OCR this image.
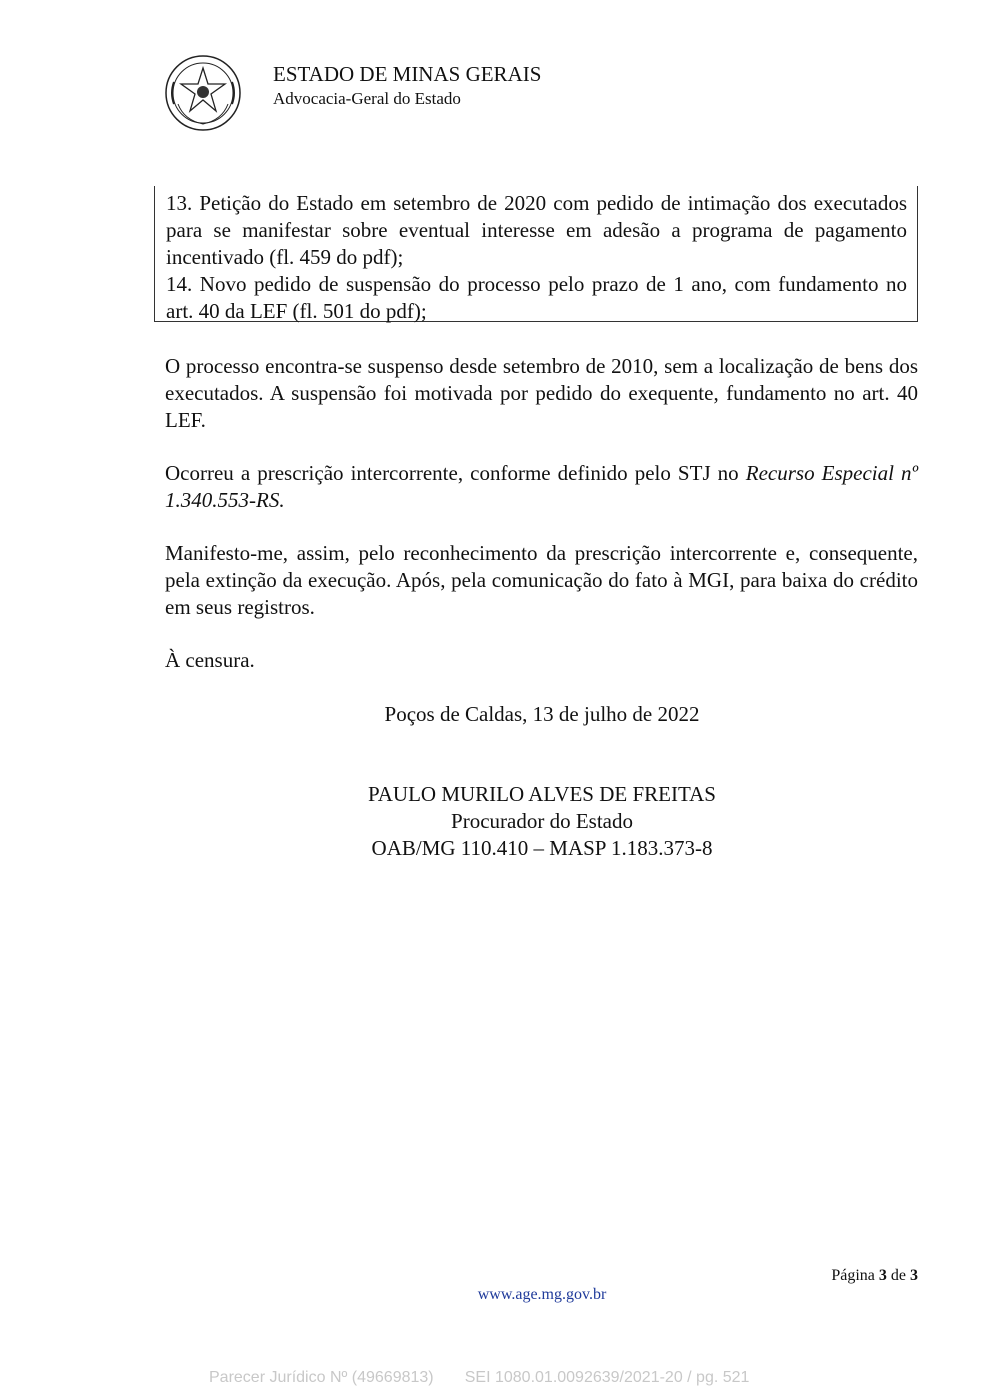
ESTADO DE MINAS GERAIS
Advocacia-Geral do Estado

13. Petição do Estado em setembro de 2020 com pedido de intimação dos executados para se manifestar sobre eventual interesse em adesão a programa de pagamento incentivado (fl. 459 do pdf);

14. Novo pedido de suspensão do processo pelo prazo de 1 ano, com fundamento no art. 40 da LEF (fl. 501 do pdf);

O processo encontra-se suspenso desde setembro de 2010, sem a localização de bens dos executados. A suspensão foi motivada por pedido do exequente, fundamento no art. 40 LEF.

Ocorreu a prescrição intercorrente, conforme definido pelo STJ no Recurso Especial nº 1.340.553-RS.

Manifesto-me, assim, pelo reconhecimento da prescrição intercorrente e, consequente, pela extinção da execução. Após, pela comunicação do fato à MGI, para baixa do crédito em seus registros.

À censura.

Poços de Caldas, 13 de julho de 2022
PAULO MURILO ALVES DE FREITAS
Procurador do Estado
OAB/MG 110.410 – MASP 1.183.373-8
Página 3 de 3
www.age.mg.gov.br
Parecer Jurídico Nº (49669813)       SEI 1080.01.0092639/2021-20 / pg. 521
